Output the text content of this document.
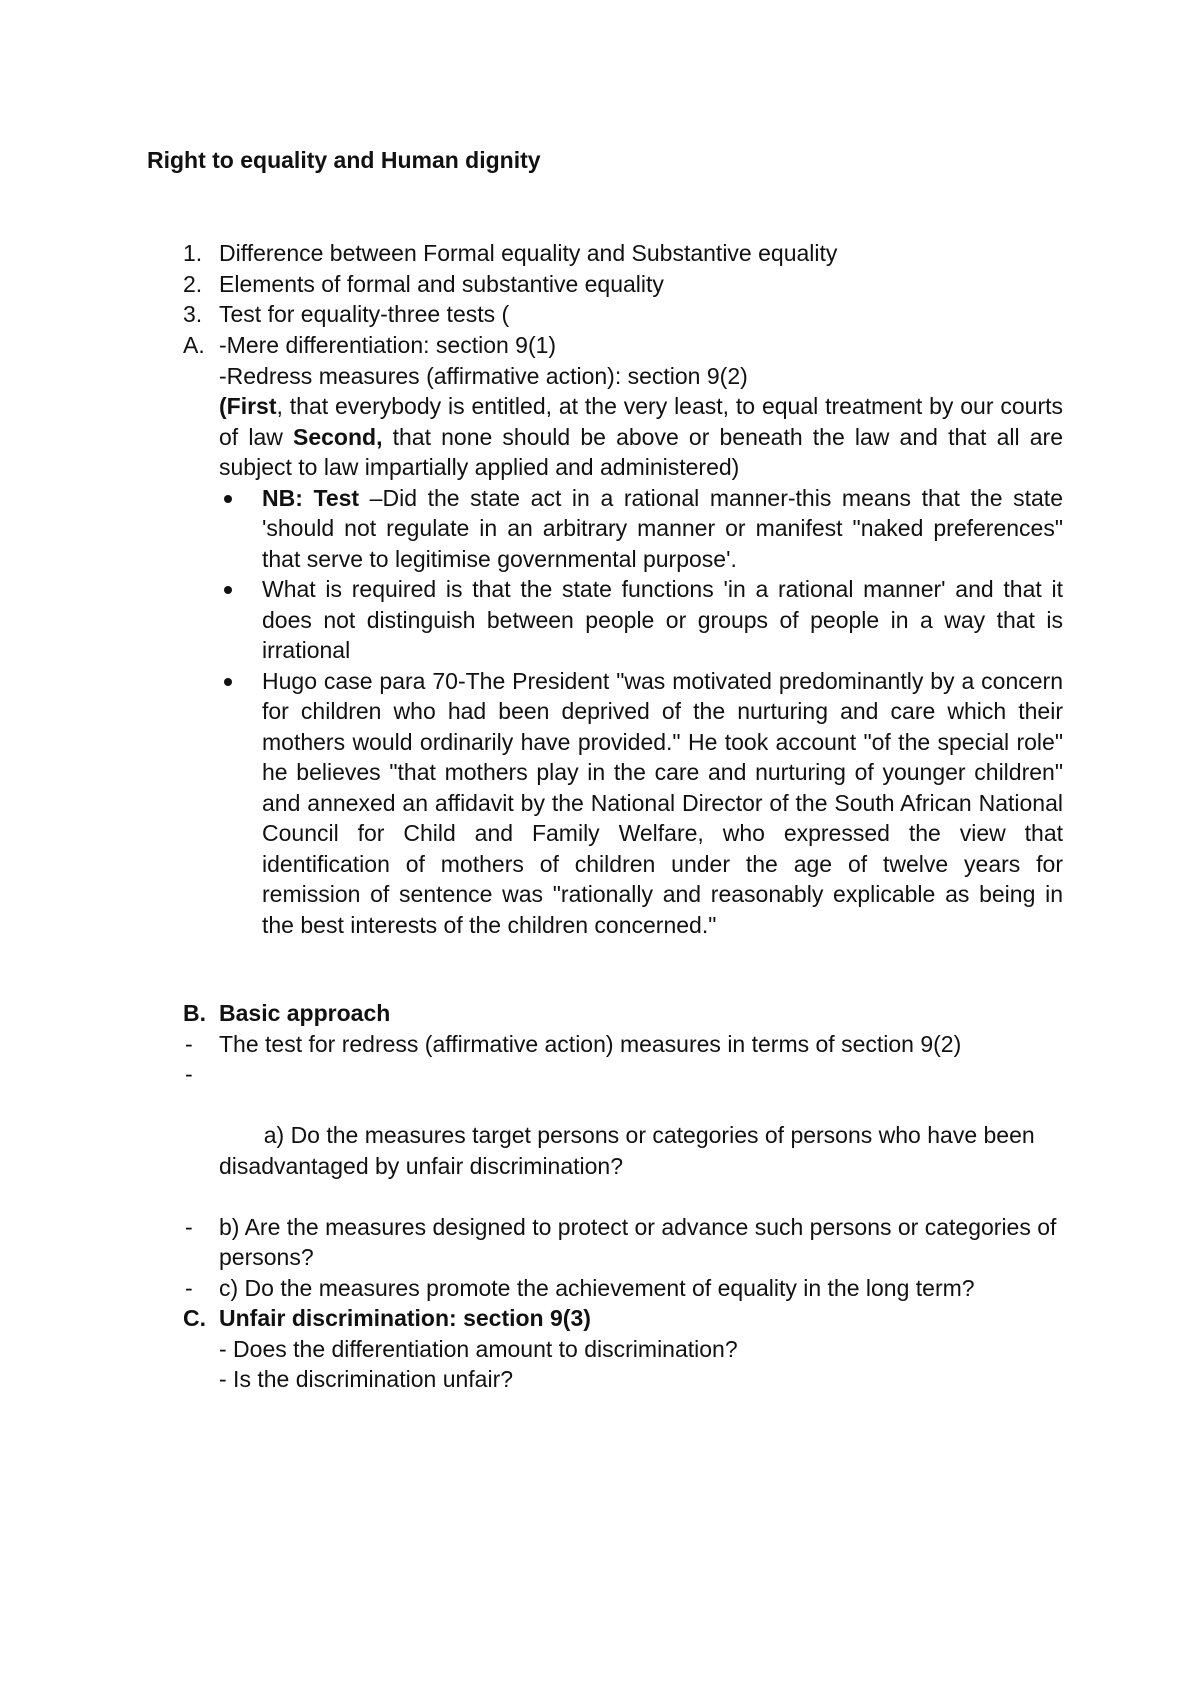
Right to equality and Human dignity
1. Difference between Formal equality and Substantive equality
2. Elements of formal and substantive equality
3. Test for equality-three tests (
A. -Mere differentiation: section 9(1)
-Redress measures (affirmative action): section 9(2)
(First, that everybody is entitled, at the very least, to equal treatment by our courts of law Second, that none should be above or beneath the law and that all are subject to law impartially applied and administered)
NB: Test –Did the state act in a rational manner-this means that the state 'should not regulate in an arbitrary manner or manifest "naked preferences" that serve to legitimise governmental purpose'.
What is required is that the state functions 'in a rational manner' and that it does not distinguish between people or groups of people in a way that is irrational
Hugo case para 70-The President "was motivated predominantly by a concern for children who had been deprived of the nurturing and care which their mothers would ordinarily have provided." He took account "of the special role" he believes "that mothers play in the care and nurturing of younger children" and annexed an affidavit by the National Director of the South African National Council for Child and Family Welfare, who expressed the view that identification of mothers of children under the age of twelve years for remission of sentence was "rationally and reasonably explicable as being in the best interests of the children concerned."
B. Basic approach
- The test for redress (affirmative action) measures in terms of section 9(2)

-

a) Do the measures target persons or categories of persons who have been disadvantaged by unfair discrimination?

- b) Are the measures designed to protect or advance such persons or categories of persons?
- c) Do the measures promote the achievement of equality in the long term?
C. Unfair discrimination: section 9(3)
- Does the differentiation amount to discrimination?
- Is the discrimination unfair?
